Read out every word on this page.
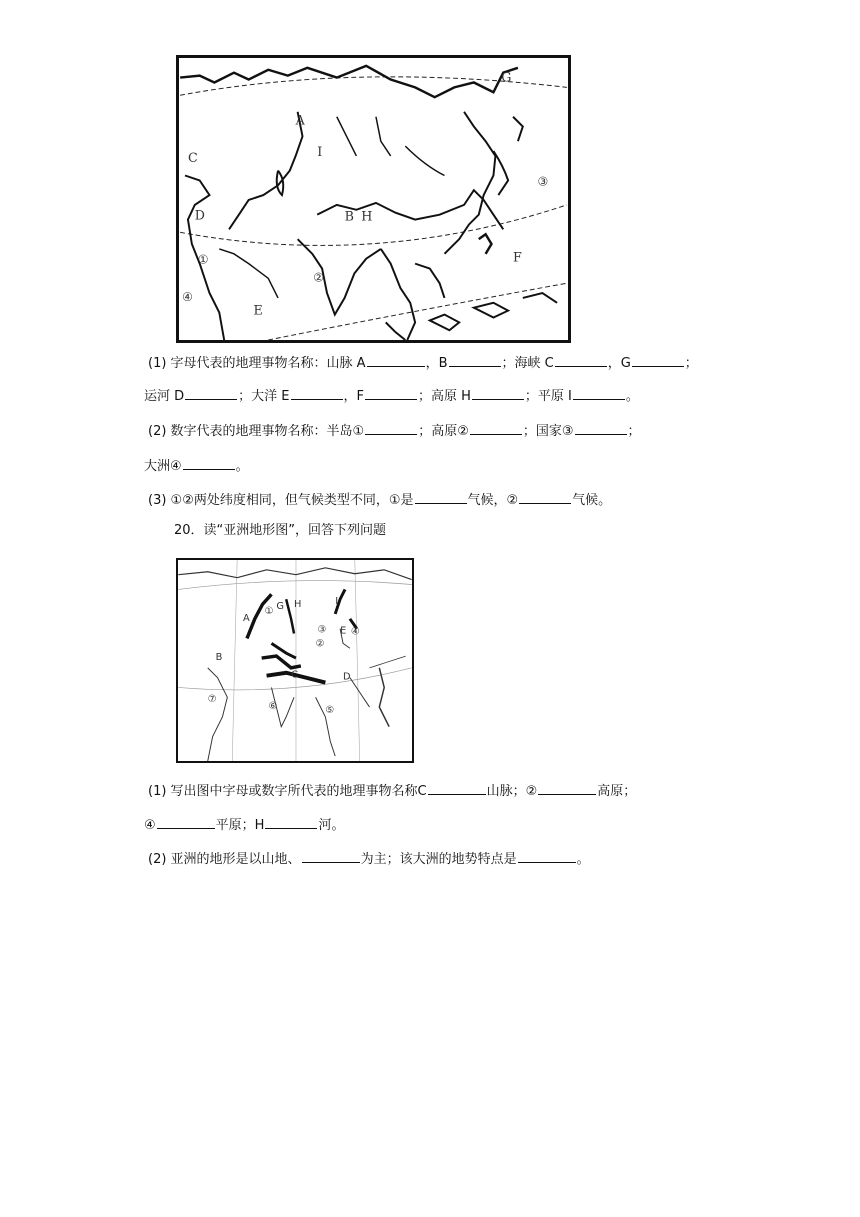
A
I
C
G
D	B H
F
E
①
②
③
④
(1) 字母代表的地理事物名称：山脉 A	，B	；海峡 C	，G	；
运河 D	；大洋 E	，F	；高原 H	；平原 I	。
(2) 数字代表的地理事物名称：半岛①	；高原②	；国家③	；
大洲④	。
(3) ①②两处纬度相同，但气候类型不同，①是	气候，②	气候。
20．读“亚洲地形图”，回答下列问题
A
G H	I
E
B
C	D
①
②
③ ④
⑤
⑥
⑦
(1) 写出图中字母或数字所代表的地理事物名称C	山脉；②	高原；
④	平原；H	河。
(2) 亚洲的地形是以山地、	为主；该大洲的地势特点是	。
